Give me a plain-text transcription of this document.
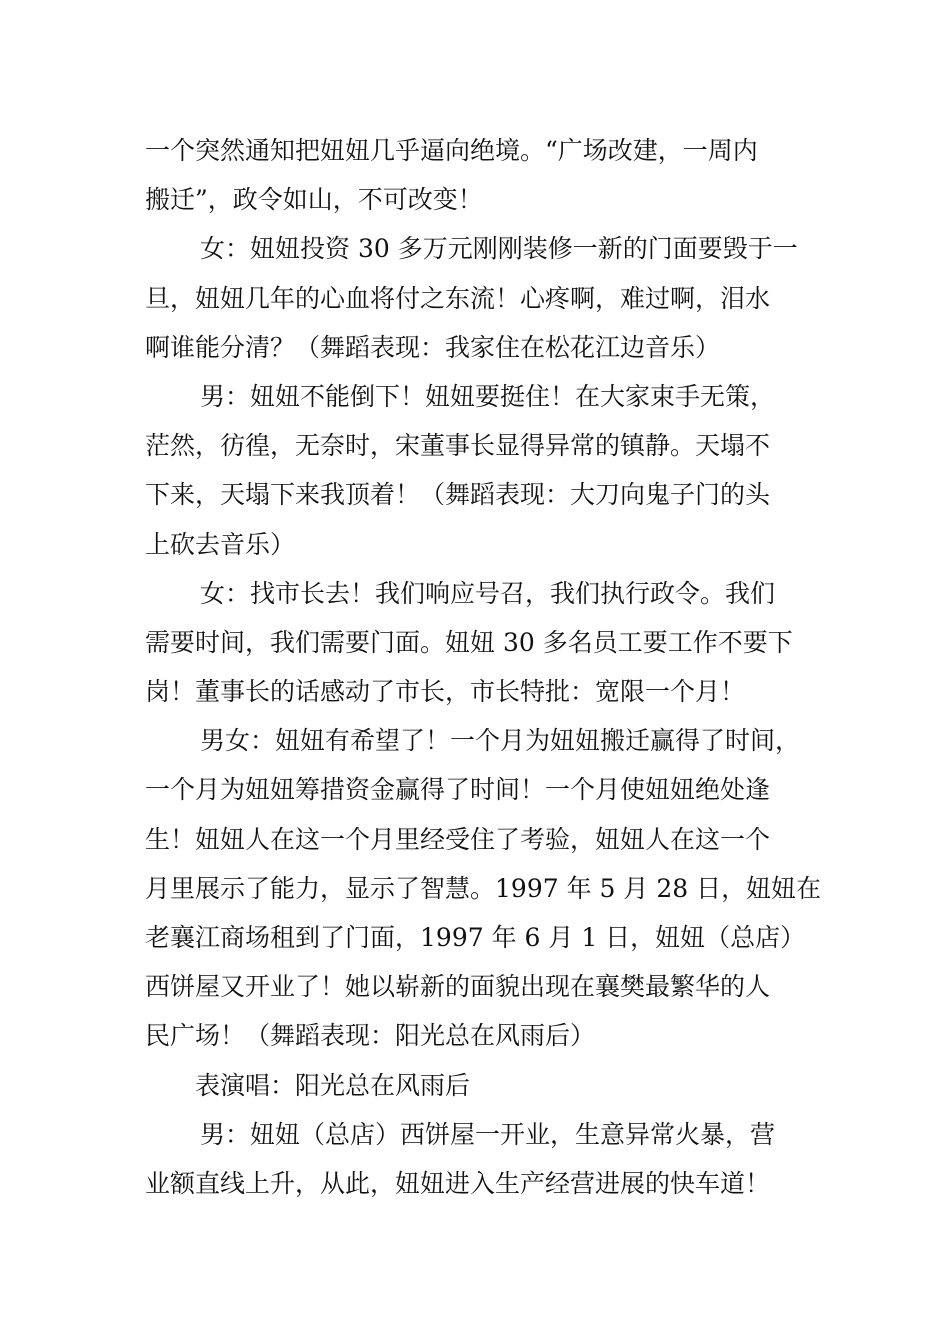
一个突然通知把妞妞几乎逼向绝境。“广场改建，一周内
搬迁”，政令如山，不可改变！

女：妞妞投资 30 多万元刚刚装修一新的门面要毁于一
旦，妞妞几年的心血将付之东流！心疼啊，难过啊，泪水
啊谁能分清？（舞蹈表现：我家住在松花江边音乐）

男：妞妞不能倒下！妞妞要挺住！在大家束手无策，
茫然，彷徨，无奈时，宋董事长显得异常的镇静。天塌不
下来，天塌下来我顶着！（舞蹈表现：大刀向鬼子门的头
上砍去音乐）

女：找市长去！我们响应号召，我们执行政令。我们
需要时间，我们需要门面。妞妞 30 多名员工要工作不要下
岗！董事长的话感动了市长，市长特批：宽限一个月！

男女：妞妞有希望了！一个月为妞妞搬迁赢得了时间，
一个月为妞妞筹措资金赢得了时间！一个月使妞妞绝处逢
生！妞妞人在这一个月里经受住了考验，妞妞人在这一个
月里展示了能力，显示了智慧。1997 年 5 月 28 日，妞妞在
老襄江商场租到了门面，1997 年 6 月 1 日，妞妞（总店）
西饼屋又开业了！她以崭新的面貌出现在襄樊最繁华的人
民广场！（舞蹈表现：阳光总在风雨后）

表演唱：阳光总在风雨后

男：妞妞（总店）西饼屋一开业，生意异常火暴，营
业额直线上升，从此，妞妞进入生产经营进展的快车道！
